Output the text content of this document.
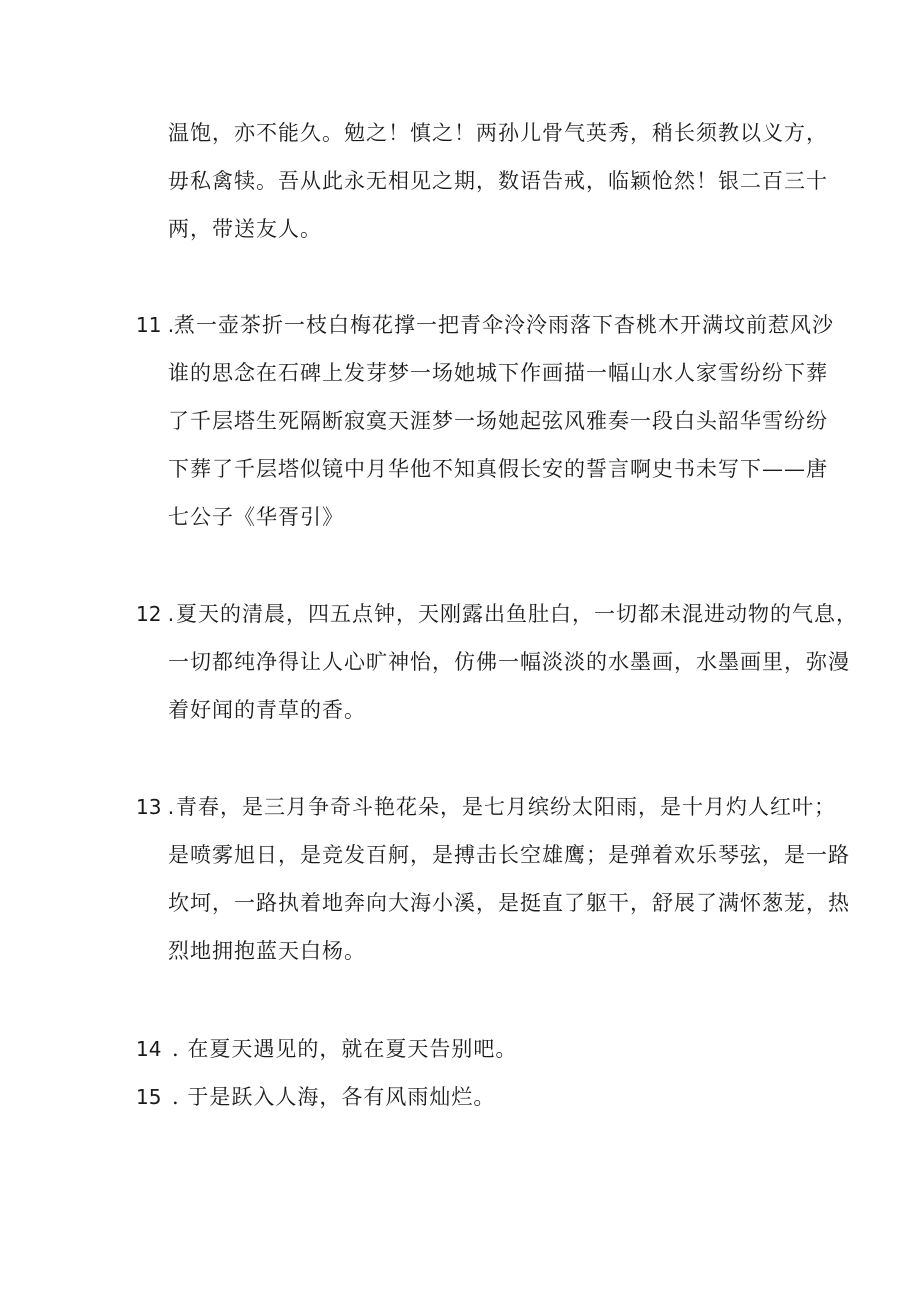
温饱，亦不能久。勉之！慎之！两孙儿骨气英秀，稍长须教以义方，
毋私禽犊。吾从此永无相见之期，数语告戒，临颖怆然！银二百三十
两，带送友人。
11 . 煮一壶茶折一枝白梅花撑一把青伞泠泠雨落下杳桃木开满坟前惹风沙
谁的思念在石碑上发芽梦一场她城下作画描一幅山水人家雪纷纷下葬
了千层塔生死隔断寂寞天涯梦一场她起弦风雅奏一段白头韶华雪纷纷
下葬了千层塔似镜中月华他不知真假长安的誓言啊史书未写下——唐
七公子《华胥引》
12 . 夏天的清晨，四五点钟，天刚露出鱼肚白，一切都未混进动物的气息，
一切都纯净得让人心旷神怡，仿佛一幅淡淡的水墨画，水墨画里，弥漫
着好闻的青草的香。
13 . 青春，是三月争奇斗艳花朵，是七月缤纷太阳雨，是十月灼人红叶；
是喷雾旭日，是竞发百舸，是搏击长空雄鹰；是弹着欢乐琴弦，是一路
坎坷，一路执着地奔向大海小溪，是挺直了躯干，舒展了满怀葱茏，热
烈地拥抱蓝天白杨。
14 . 在夏天遇见的，就在夏天告别吧。
15 . 于是跃入人海，各有风雨灿烂。
